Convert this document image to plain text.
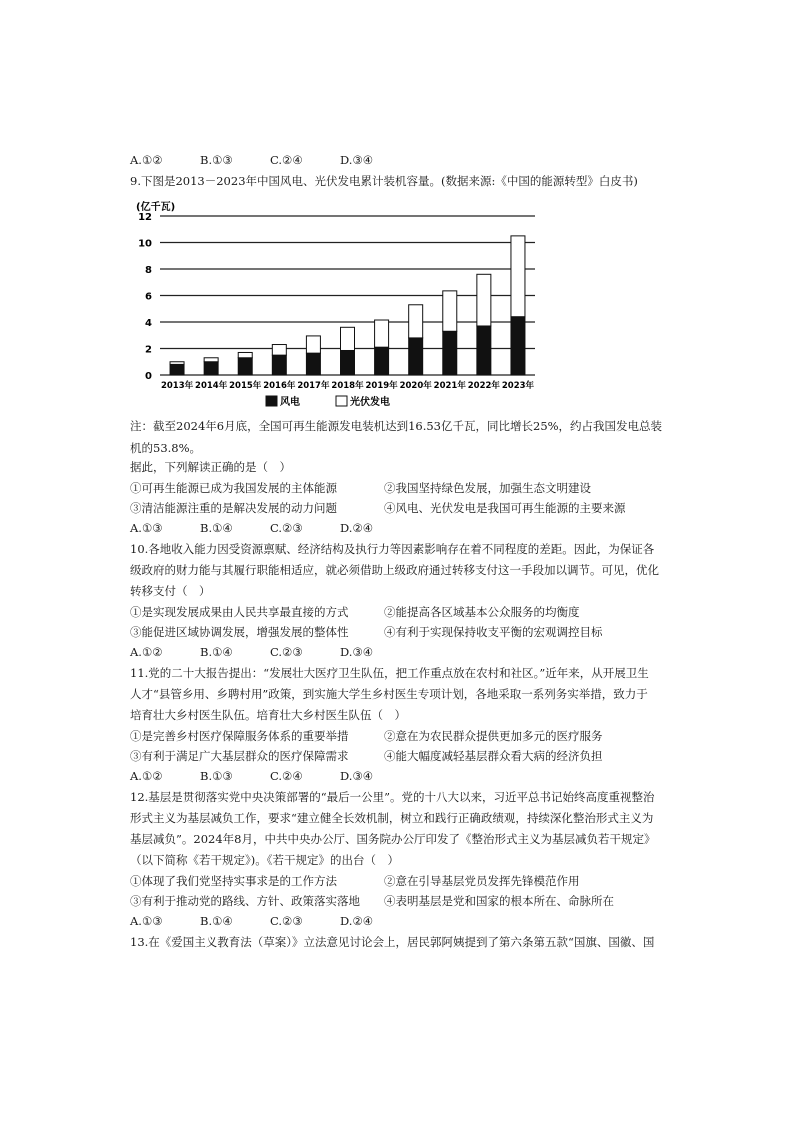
A.①②	B.①③	C.②④	D.③④
9.下图是2013－2023年中国风电、光伏发电累计装机容量。(数据来源:《中国的能源转型》白皮书)
(亿千瓦)
0
2
4
6
8
10
12
2013年 2014年 2015年 2016年 2017年 2018年 2019年 2020年 2021年 2022年 2023年
风电	光伏发电
注：截至2024年6月底，全国可再生能源发电装机达到16.53亿千瓦，同比增长25%，约占我国发电总装
机的53.8%。
据此，下列解读正确的是（　）
①可再生能源已成为我国发展的主体能源	②我国坚持绿色发展，加强生态文明建设
③清洁能源注重的是解决发展的动力问题	④风电、光伏发电是我国可再生能源的主要来源
A.①③	B.①④	C.②③	D.②④
10.各地收入能力因受资源禀赋、经济结构及执行力等因素影响存在着不同程度的差距。因此，为保证各
级政府的财力能与其履行职能相适应，就必须借助上级政府通过转移支付这一手段加以调节。可见，优化
转移支付（　）
①是实现发展成果由人民共享最直接的方式	②能提高各区域基本公众服务的均衡度
③能促进区域协调发展，增强发展的整体性	④有利于实现保持收支平衡的宏观调控目标
A.①②	B.①④	C.②③	D.③④
11.党的二十大报告提出：“发展壮大医疗卫生队伍，把工作重点放在农村和社区。”近年来，从开展卫生
人才“县管乡用、乡聘村用”政策，到实施大学生乡村医生专项计划，各地采取一系列务实举措，致力于
培育壮大乡村医生队伍。培育壮大乡村医生队伍（　）
①是完善乡村医疗保障服务体系的重要举措	②意在为农民群众提供更加多元的医疗服务
③有利于满足广大基层群众的医疗保障需求	④能大幅度减轻基层群众看大病的经济负担
A.①②	B.①③	C.②④	D.③④
12.基层是贯彻落实党中央决策部署的“最后一公里”。党的十八大以来，习近平总书记始终高度重视整治
形式主义为基层减负工作，要求“建立健全长效机制，树立和践行正确政绩观，持续深化整治形式主义为
基层减负”。2024年8月，中共中央办公厅、国务院办公厅印发了《整治形式主义为基层减负若干规定》
（以下简称《若干规定》)。《若干规定》的出台（　）
①体现了我们党坚持实事求是的工作方法	②意在引导基层党员发挥先锋模范作用
③有利于推动党的路线、方针、政策落实落地 ④表明基层是党和国家的根本所在、命脉所在
A.①③	B.①④	C.②③	D.②④
13.在《爱国主义教育法（草案）》立法意见讨论会上，居民郭阿姨提到了第六条第五款“国旗、国徽、国
